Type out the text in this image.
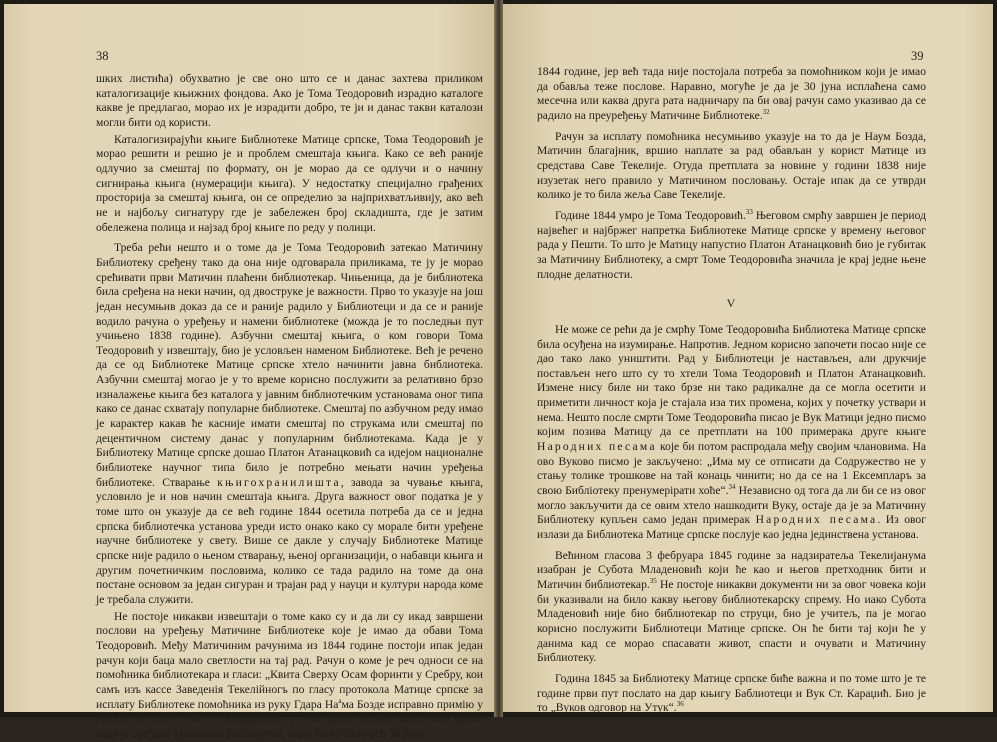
38

шких листића) обухватио је све оно што се и данас захтева приликом каталогизације књижних фондова. Ако је Тома Теодоровић израдио каталоге какве је предлагао, морао их је израдити добро, те ји и данас такви каталози могли бити од користи.

Каталогизирајући књиге Библиотеке Матице српске, Тома Теодоровић је морао решити и решио је и проблем смештаја књига. Како се већ раније одлучио за смештај по формату, он је морао да се одлучи и о начину сигнирања књига (нумерацији књига). У недостатку специјално грађених просторија за смештај књига, он се определио за најприхватљивију, ако већ не и најбољу сигнатуру где је забележен број складишта, где је затим обележена полица и најзад број књиге по реду у полици.

Треба рећи нешто и о томе да је Тома Теодоровић затекао Матичину Библиотеку сређену тако да она није одговарала приликама, те ју је морао срећивати први Матичин плаћени библиотекар. Чињеница, да је библиотека била сређена на неки начин, од двоструке је важности. Прво то указује на још један несумњив доказ да се и раније радило у Библиотеци и да се и раније водило рачуна о уређењу и намени библиотеке (можда је то последњи пут учињено 1838 године). Азбучни смештај књига, о ком говори Тома Теодоровић у извештају, био је условљен наменом Библиотеке. Већ је речено да се од Библиотеке Матице српске хтело начинити јавна библиотека. Азбучни смештај могао је у то време корисно послужити за релативно брзо изналажење књига без каталога у јавним библиотечким установама оног типа како се данас схватају популарне библиотеке. Смештај по азбучном реду имао је карактер какав ће касније имати смештај по струкама или смештај по децентичном систему данас у популарним библиотекама. Када је у Библиотеку Матице српске дошао Платон Атанацковић са идејом националне библиотеке научног типа било је потребно мењати начин уређења библиотеке. Стварање књигохранилишта, завода за чување књига, условило је и нов начин смештаја књига. Друга важност овог податка је у томе што он указује да се већ године 1844 осетила потреба да се и једна српска библиотечка установа уреди исто онако како су морале бити уређене научне библиотеке у свету. Више се дакле у случају Библиотеке Матице српске није радило о њеном стварању, њеној организацији, о набавци књига и другим почетничким пословима, колико се тада радило на томе да она постане основом за један сигуран и трајан рад у науци и култури народа коме је требала служити.

Не постоје никакви извештаји о томе како су и да ли су икад завршени послови на уређењу Матичине Библиотеке које је имао да обави Тома Теодоровић. Међу Матичиним рачунима из 1844 године постоји ипак један рачун који баца мало светлости на тај рад. Рачун о коме је реч односи се на помоћника библиотекара и гласи: „Квита Сверху Осам форинти у Сребру, кои самъ изъ кассе Заведенія Текелійногъ по гласу протокола Матице српске за исплату Библиотеке помоћника из руку Гдара $На^aма$ Боздe исправно примію у Пешти 30 Юнія 1844. Ѳ. Ѳеодоровићъ“.$^{31}$ Ако треба по овом закључити време када је сређена Матичина Библиотека, онда би то било већ 30 јуна

39

1844 године, јер већ тада није постојала потреба за помоћником који је имао да обавља теже послове. Наравно, могуће је да је 30 јуна исплаћена само месечна или каква друга рата надничару па би овај рачун само указивао да се радило на преуређењу Матичине Библиотеке.$^{32}$

Рачун за исплату помоћника несумњиво указује на то да је Наум Бозда, Матичин благајник, вршио наплате за рад обављан у корист Матице из средстава Саве Текелије. Отуда претплата за новине у години 1838 није изузетак него правило у Матичином пословању. Остаје ипак да се утврди колико је то била жеља Саве Текелије.

Године 1844 умро је Тома Теодоровић.$^{33}$ Његовом смрћу завршен је период највећег и најбржег напретка Библиотеке Матице српске у времену његовог рада у Пешти. То што је Матицу напустио Платон Атанацковић био је губитак за Матичину Библиотеку, а смрт Томе Теодоровића значила је крај једне њене плодне делатности.

V

Не може се рећи да је смрћу Томе Теодоровића Библиотека Матице српске била осуђена на изумирање. Напротив. Једном корисно започети посао није се дао тако лако уништити. Рад у Библиотеци је настављен, али друкчије постављен него што су то хтели Тома Теодоровић и Платон Атанацковић. Измене нису биле ни тако брзе ни тако радикалне да се могла осетити и приметити личност која је стајала иза тих промена, којих у почетку уствари и нема. Нешто после смрти Томе Теодоровића писао је Вук Матици једно писмо којим позива Матицу да се претплати на 100 примерака друге књиге Народних песама које би потом распродала међу својим члановима. На ово Вуково писмо је закључено: „Има му се отписати да Содружество не у стању толике трошкове на тай конаць чинити; но да се на 1 Ексемпларъ за свою Библіотеку пренумерірати хоће“.$^{34}$ Независно од тога да ли би се из овог могло закључити да се овим хтело нашкодити Вуку, остаје да је за Матичину Библиотеку купљен само један примерак Народних песама. Из овог излази да Библиотека Матице српске послује као једна јединствена установа.

Већином гласова 3 фебруара 1845 године за надзиратеља Текелијанума изабран је Субота Младеновић који ће као и његов претходник бити и Матичин библиотекар.$^{35}$ Не постоје никакви документи ни за овог човека који би указивали на било какву његову библиотекарску спрему. Но иако Субота Младеновић није био библиотекар по струци, био је учитељ, па је могао корисно послужити Библиотеци Матице српске. Он ће бити тај који ће у данима кад се морао спасавати живот, спасти и очувати и Матичину Библиотеку.

Година 1845 за Библиотеку Матице српске биће важна и по томе што је те године први пут послато на дар књигу Баблиотеци и Вук Ст. Караџић. Био је то „Вуков одговор на Утук“.$^{36}$
